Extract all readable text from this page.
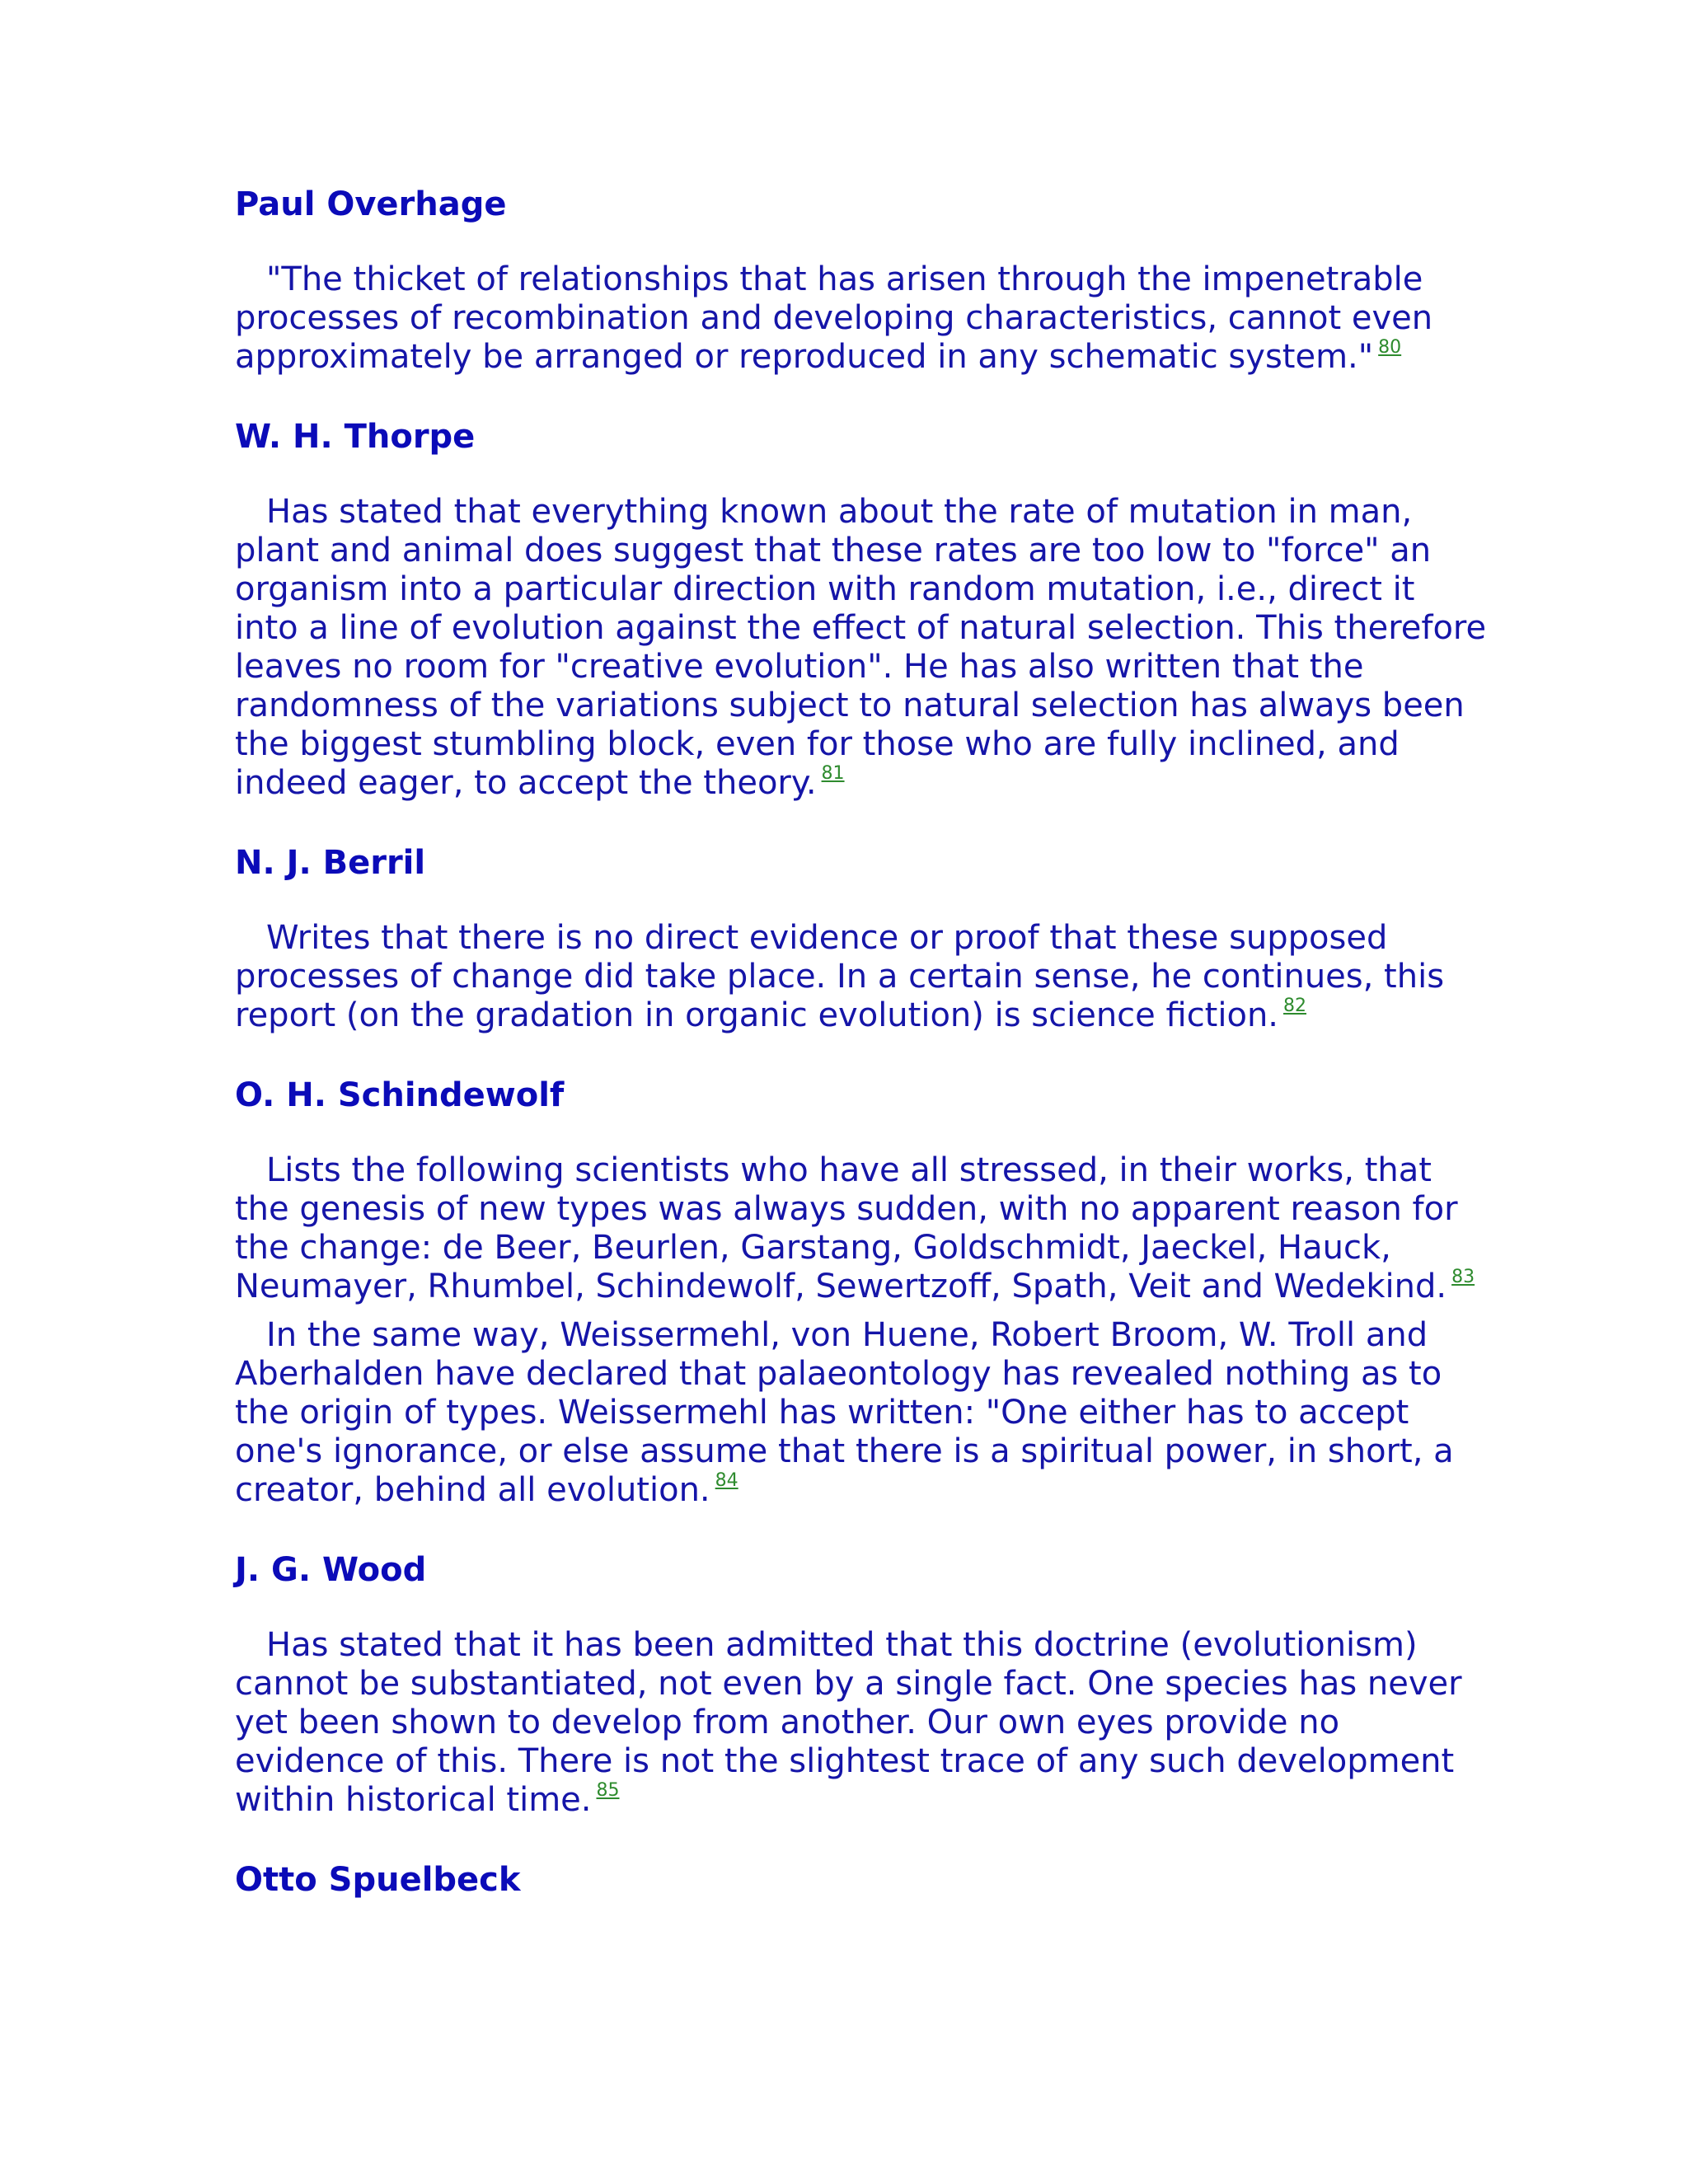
Paul Overhage

"The thicket of relationships that has arisen through the impenetrable processes of recombination and developing characteristics, cannot even approximately be arranged or reproduced in any schematic system." $^{80}$

W. H. Thorpe

Has stated that everything known about the rate of mutation in man, plant and animal does suggest that these rates are too low to "force" an organism into a particular direction with random mutation, i.e., direct it into a line of evolution against the effect of natural selection. This therefore leaves no room for "creative evolution". He has also written that the randomness of the variations subject to natural selection has always been the biggest stumbling block, even for those who are fully inclined, and indeed eager, to accept the theory. $^{81}$

N. J. Berril

Writes that there is no direct evidence or proof that these supposed processes of change did take place. In a certain sense, he continues, this report (on the gradation in organic evolution) is science fiction. $^{82}$

O. H. Schindewolf

Lists the following scientists who have all stressed, in their works, that the genesis of new types was always sudden, with no apparent reason for the change: de Beer, Beurlen, Garstang, Goldschmidt, Jaeckel, Hauck, Neumayer, Rhumbel, Schindewolf, Sewertzoff, Spath, Veit and Wedekind. $^{83}$

In the same way, Weissermehl, von Huene, Robert Broom, W. Troll and Aberhalden have declared that palaeontology has revealed nothing as to the origin of types. Weissermehl has written: "One either has to accept one's ignorance, or else assume that there is a spiritual power, in short, a creator, behind all evolution. $^{84}$

J. G. Wood

Has stated that it has been admitted that this doctrine (evolutionism) cannot be substantiated, not even by a single fact. One species has never yet been shown to develop from another. Our own eyes provide no evidence of this. There is not the slightest trace of any such development within historical time. $^{85}$

Otto Spuelbeck
